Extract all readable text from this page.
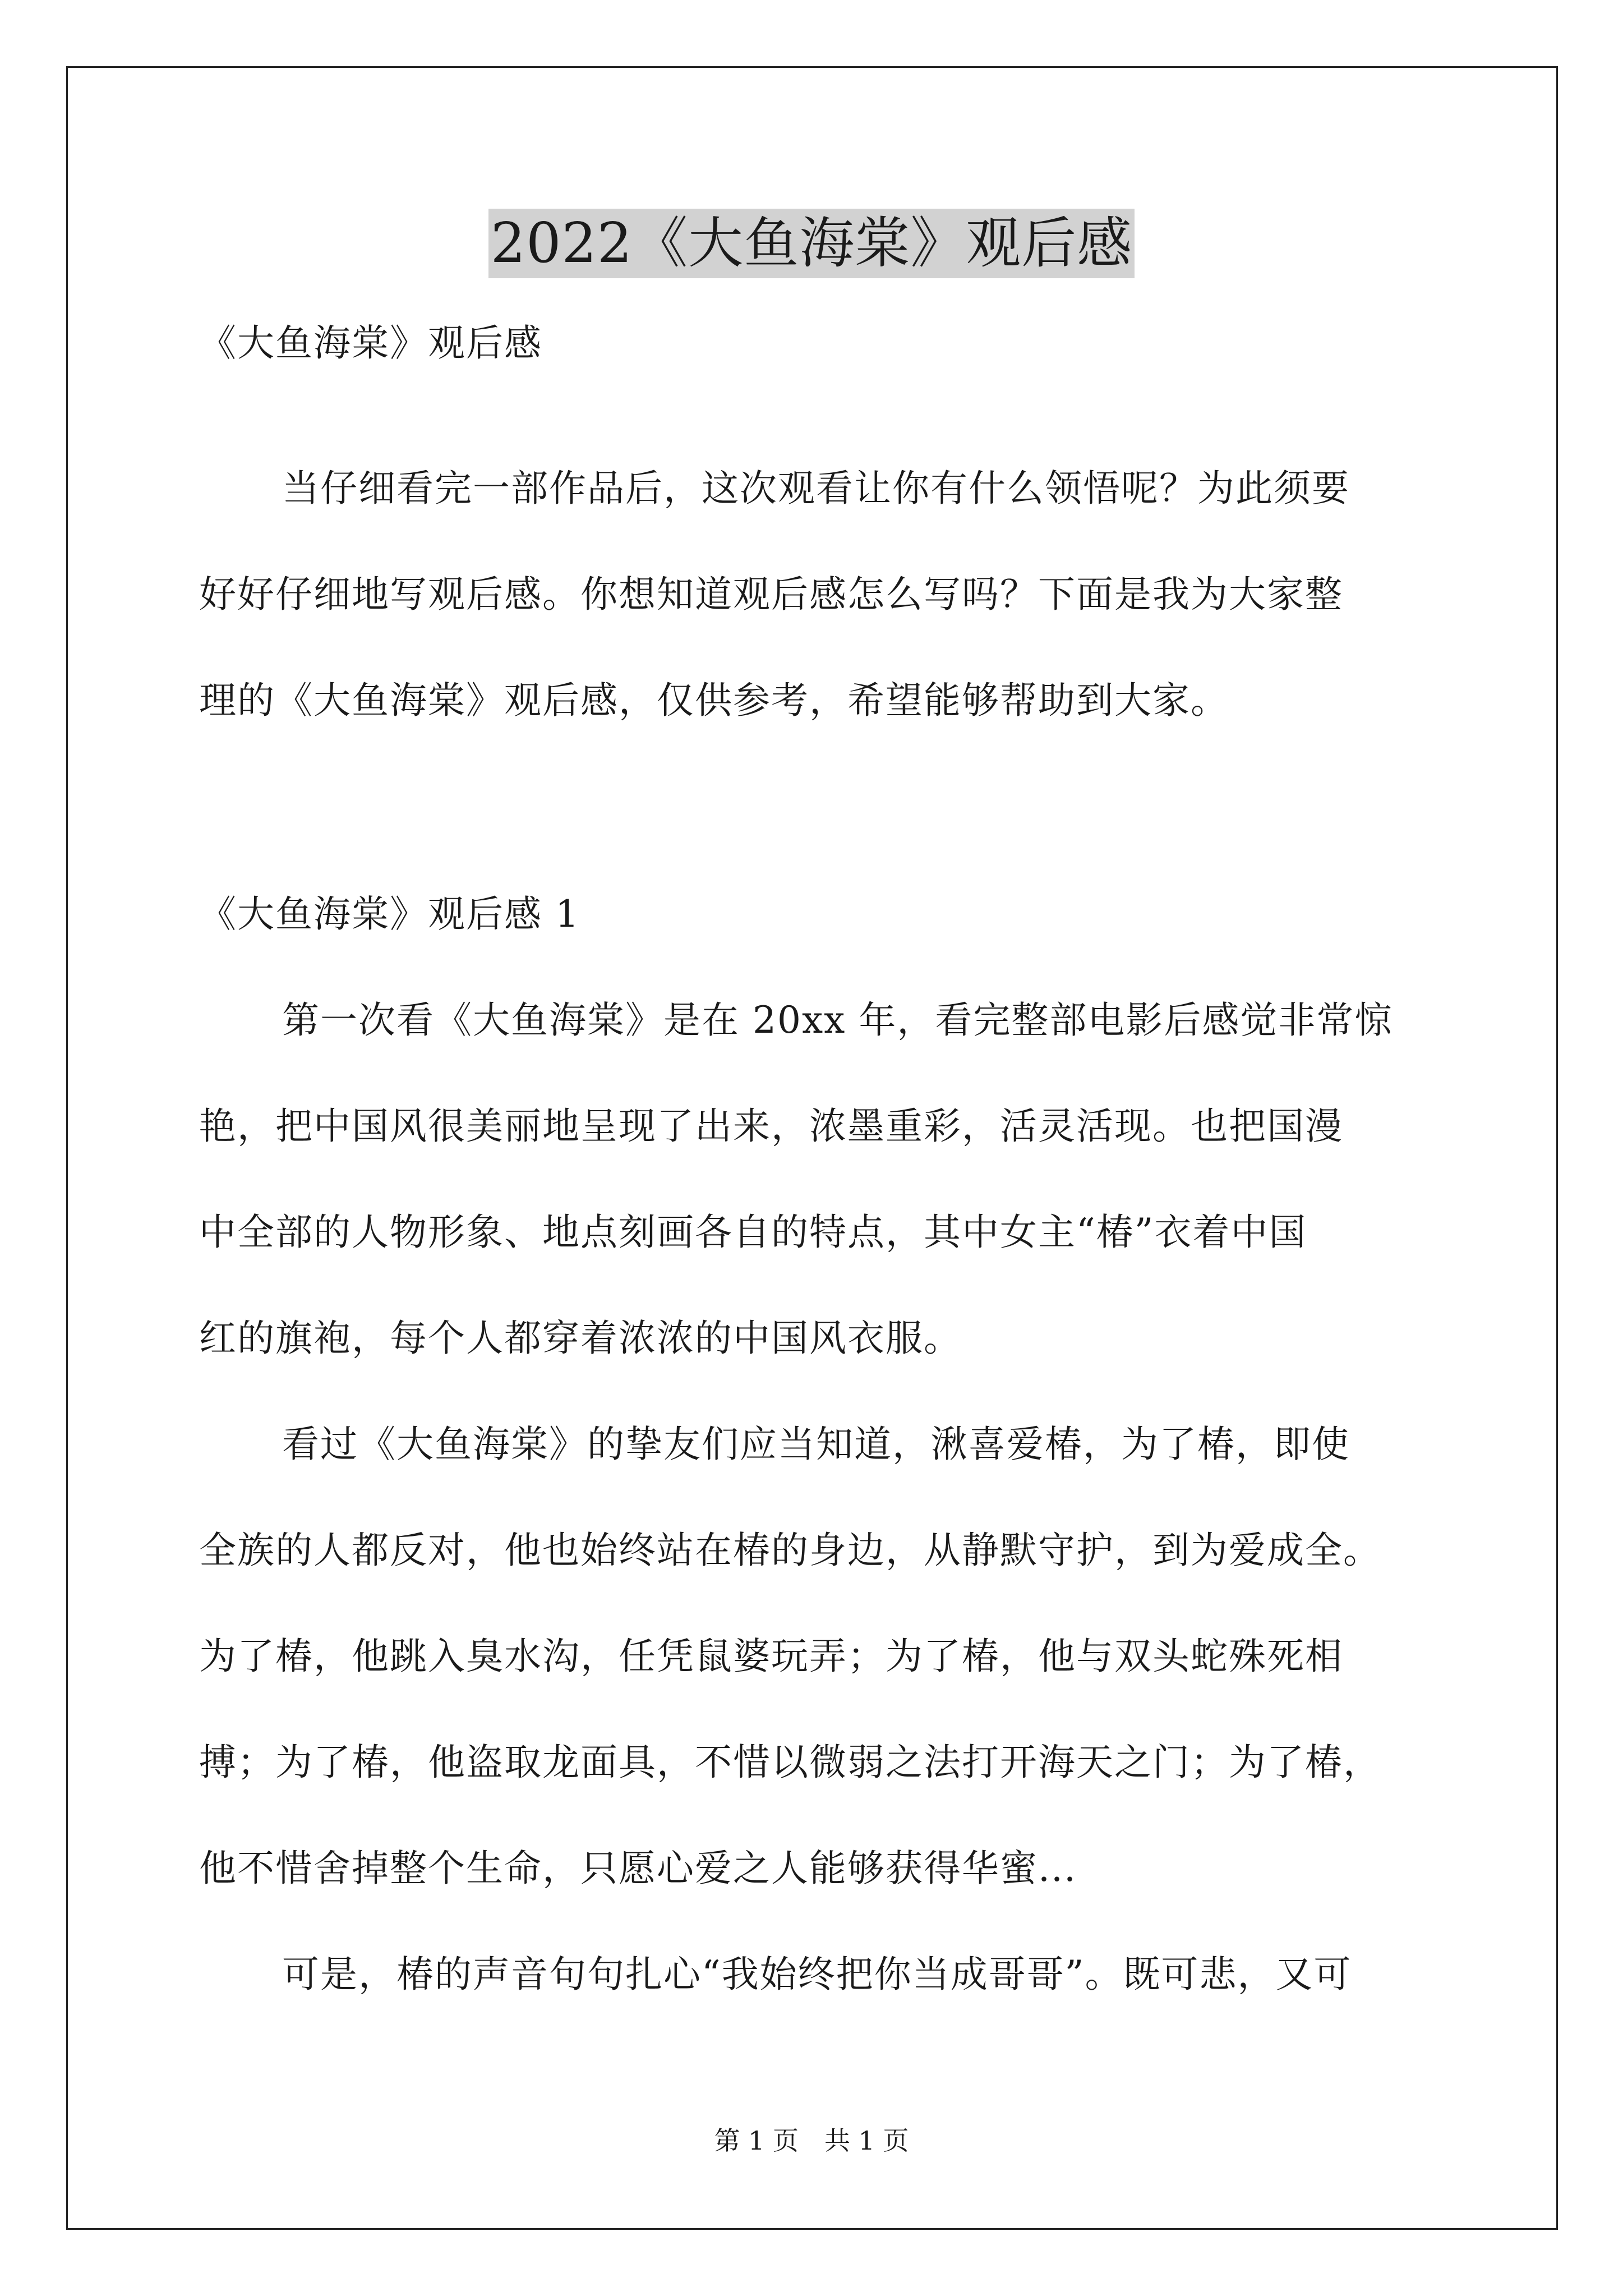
2022《大鱼海棠》观后感
《大鱼海棠》观后感
当仔细看完一部作品后，这次观看让你有什么领悟呢？为此须要
好好仔细地写观后感。你想知道观后感怎么写吗？下面是我为大家整
理的《大鱼海棠》观后感，仅供参考，希望能够帮助到大家。
《大鱼海棠》观后感 1
第一次看《大鱼海棠》是在 20xx 年，看完整部电影后感觉非常惊
艳，把中国风很美丽地呈现了出来，浓墨重彩，活灵活现。也把国漫
中全部的人物形象、地点刻画各自的特点，其中女主“椿”衣着中国
红的旗袍，每个人都穿着浓浓的中国风衣服。
看过《大鱼海棠》的挚友们应当知道，湫喜爱椿，为了椿，即使
全族的人都反对，他也始终站在椿的身边，从静默守护，到为爱成全。
为了椿，他跳入臭水沟，任凭鼠婆玩弄；为了椿，他与双头蛇殊死相
搏；为了椿，他盗取龙面具，不惜以微弱之法打开海天之门；为了椿，
他不惜舍掉整个生命，只愿心爱之人能够获得华蜜...
可是，椿的声音句句扎心“我始终把你当成哥哥”。既可悲，又可
第 1 页　共 1 页
